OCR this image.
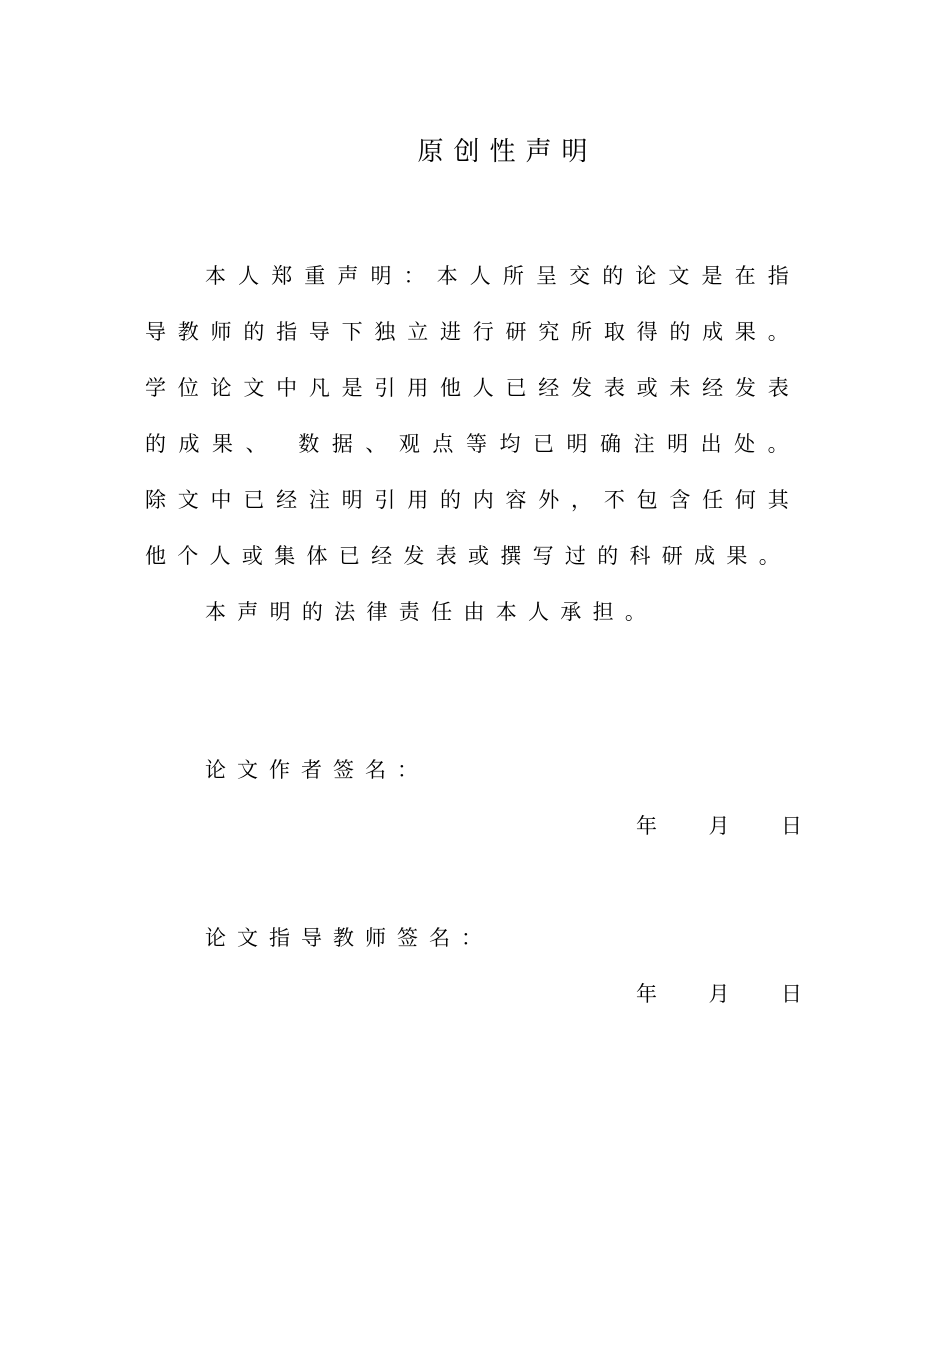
原创性声明

本人郑重声明：本人所呈交的论文是在指导教师的指导下独立进行研究所取得的成果。学位论文中凡是引用他人已经发表或未经发表的成果、 数据、观点等均已明确注明出处。除文中已经注明引用的内容外，不包含任何其他个人或集体已经发表或撰写过的科研成果。

本声明的法律责任由本人承担。

论文作者签名：
年 月 日
论文指导教师签名：
年 月 日
